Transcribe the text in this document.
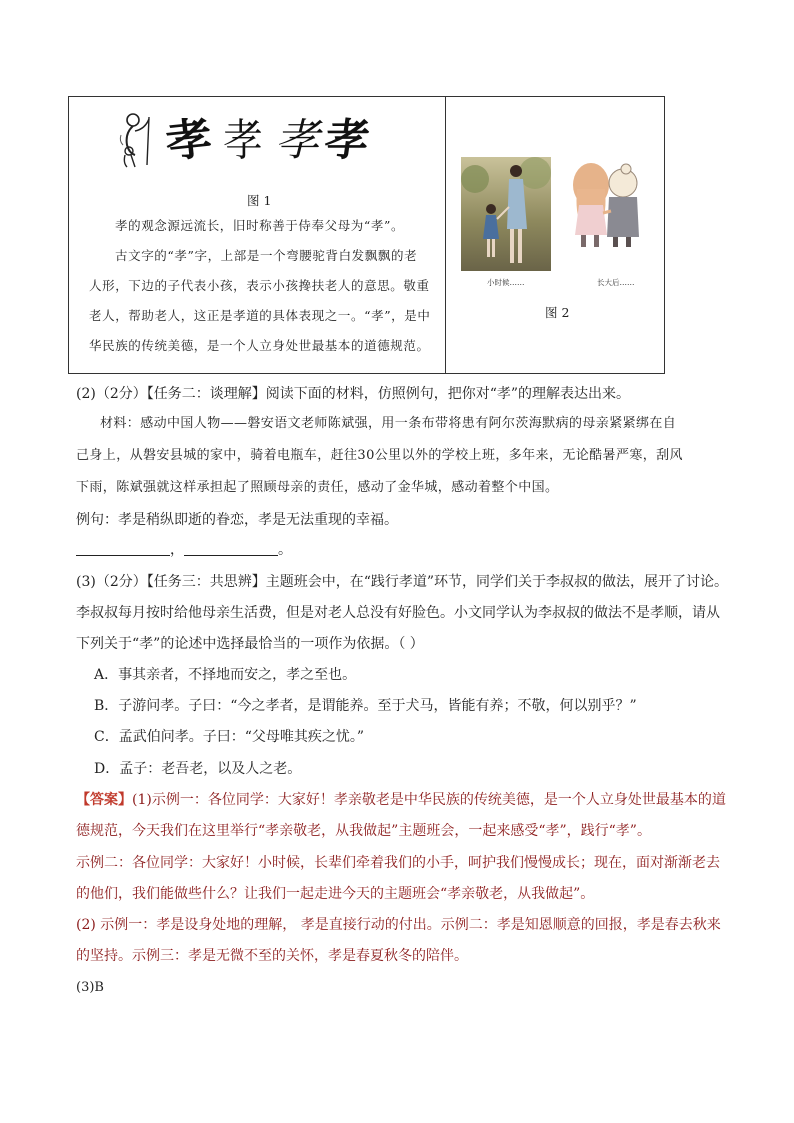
孝 孝 孝 孝
图 1
孝的观念源远流长，旧时称善于侍奉父母为“孝”。
古文字的“孝”字，上部是一个弯腰驼背白发飘飘的老
人形，下边的子代表小孩，表示小孩搀扶老人的意思。敬重
老人，帮助老人，这正是孝道的具体表现之一。“孝”，是中
华民族的传统美德，是一个人立身处世最基本的道德规范。
小时候……	长大后……
图 2
(2)（2分）【任务二：谈理解】阅读下面的材料，仿照例句，把你对“孝”的理解表达出来。
材料：感动中国人物——磐安语文老师陈斌强，用一条布带将患有阿尔茨海默病的母亲紧紧绑在自
己身上，从磐安县城的家中，骑着电瓶车，赶往30公里以外的学校上班，多年来，无论酷暑严寒，刮风
下雨，陈斌强就这样承担起了照顾母亲的责任，感动了金华城，感动着整个中国。
例句：孝是稍纵即逝的眷恋，孝是无法重现的幸福。
，	。
(3)（2分）【任务三：共思辨】主题班会中，在“践行孝道”环节，同学们关于李叔叔的做法，展开了讨论。
李叔叔每月按时给他母亲生活费，但是对老人总没有好脸色。小文同学认为李叔叔的做法不是孝顺，请从
下列关于“孝”的论述中选择最恰当的一项作为依据。（ ）
A．事其亲者，不择地而安之，孝之至也。
B．子游问孝。子曰：“今之孝者，是谓能养。至于犬马，皆能有养；不敬，何以别乎？”
C．孟武伯问孝。子曰：“父母唯其疾之忧。”
D．孟子：老吾老，以及人之老。
【答案】(1)示例一：各位同学：大家好！孝亲敬老是中华民族的传统美德，是一个人立身处世最基本的道
德规范，今天我们在这里举行“孝亲敬老，从我做起”主题班会，一起来感受“孝”，践行“孝”。
示例二：各位同学：大家好！小时候，长辈们牵着我们的小手，呵护我们慢慢成长；现在，面对渐渐老去
的他们，我们能做些什么？让我们一起走进今天的主题班会“孝亲敬老，从我做起”。
(2) 示例一：孝是设身处地的理解， 孝是直接行动的付出。示例二：孝是知恩顺意的回报，孝是春去秋来
的坚持。示例三：孝是无微不至的关怀，孝是春夏秋冬的陪伴。
(3)B
